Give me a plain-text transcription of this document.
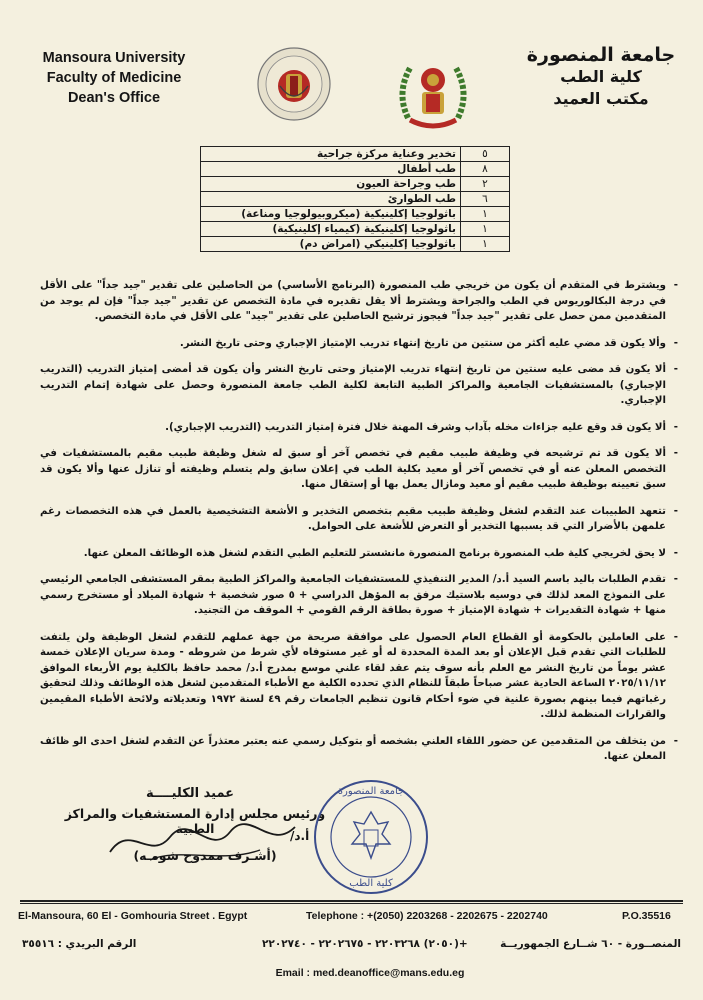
Mansoura University
Faculty of Medicine
Dean's Office
جامعة المنصورة
كلية الطب
مكتب العميد
٥	تخدير وعناية مركزة جراحية
٨	طب أطفال
٢	طب وجراحة العيون
٦	طب الطوارئ
١	باثولوجيا إكلينيكية (ميكروبيولوجيا ومناعة)
١	باثولوجيا إكلينيكية (كيمياء إكلينيكية)
١	باثولوجيا إكلينيكي (امراض دم)

- ويشترط في المتقدم أن يكون من خريجي طب المنصورة (البرنامج الأساسي) من الحاصلين على تقدير "جيد جداً" على الأقل في درجة البكالوريوس في الطب والجراحة ويشترط ألا يقل تقديره في مادة التخصص عن تقدير "جيد جداً" فإن لم يوجد من المتقدمين ممن حصل على تقدير "جيد جداً" فيجوز ترشيح الحاصلين على تقدير "جيد" على الأقل في مادة التخصص.

- وألا يكون قد مضي عليه أكثر من سنتين من تاريخ إنتهاء تدريب الإمتياز الإجباري وحتى تاريخ النشر.

- ألا يكون قد مضى عليه سنتين من تاريخ إنتهاء تدريب الإمتياز وحتى تاريخ النشر وأن يكون قد أمضى إمتياز التدريب (التدريب الإجباري) بالمستشفيات الجامعية والمراكز الطبية التابعة لكلية الطب جامعة المنصورة وحصل على شهادة إتمام التدريب الإجباري.

- ألا يكون قد وقع عليه جزاءات مخله بآداب وشرف المهنة خلال فترة إمتياز التدريب (التدريب الإجباري).

- ألا يكون قد تم ترشيحه في وظيفة طبيب مقيم في تخصص آخر أو سبق له شغل وظيفة طبيب مقيم بالمستشفيات في التخصص المعلن عنه أو في تخصص آخر أو معيد بكلية الطب في إعلان سابق ولم يتسلم وظيفته أو تنازل عنها وألا يكون قد سبق تعيينه بوظيفة طبيب مقيم أو معيد ومازال يعمل بها أو إستقال منها.

- تتعهد الطبيبات عند التقدم لشغل وظيفة طبيب مقيم بتخصص التخدير و الأشعة التشخيصية بالعمل في هذه التخصصات رغم علمهن بالأضرار التي قد يسببها التخدير أو التعرض للأشعة على الحوامل.

- لا يحق لخريجي كلية طب المنصورة برنامج المنصورة مانشستر للتعليم الطبي التقدم لشغل هذه الوظائف المعلن عنها.

- تقدم الطلبات باليد باسم السيد أ.د/ المدير التنفيذي للمستشفيات الجامعية والمراكز الطبية بمقر المستشفى الجامعي الرئيسي على النموذج المعد لذلك في دوسيه بلاستيك مرفق به المؤهل الدراسي + ٥ صور شخصية + شهادة الميلاد أو مستخرج رسمي منها + شهادة التقديرات + شهادة الإمتياز + صورة بطاقة الرقم القومي + الموقف من التجنيد.

- على العاملين بالحكومة أو القطاع العام الحصول على موافقة صريحة من جهة عملهم للتقدم لشغل الوظيفة ولن يلتفت للطلبات التي تقدم قبل الإعلان أو بعد المدة المحددة له أو غير مستوفاه لأي شرط من شروطه - ومدة سريان الإعلان خمسة عشر يوماً من تاريخ النشر مع العلم بأنه سوف يتم عقد لقاء علني موسع بمدرج أ.د/ محمد حافظ بالكلية يوم الأربعاء الموافق ٢٠٢٥/١١/١٢ الساعة الحادية عشر صباحاً طبقاً للنظام الذي تحدده الكلية مع الأطباء المتقدمين لشغل هذه الوظائف وذلك لتحقيق رغباتهم فيما بينهم بصورة علنية في ضوء أحكام قانون تنظيم الجامعات رقم ٤٩ لسنة ١٩٧٢ وتعديلاته ولائحة الأطباء المقيمين والقرارات المنظمة لذلك.

- من يتخلف من المتقدمين عن حضور اللقاء العلني بشخصه أو بتوكيل رسمي عنه يعتبر معتذراً عن التقدم لشغل احدى الو ظائف المعلن عنها.

عميد الكليــــة
ورئيس مجلس إدارة المستشفيات والمراكز الطبية	أ.د/
(أشـرف ممدوح شومـه)
جامعة المنصورة
كلية الطب
El-Mansoura, 60 El - Gomhouria Street . Egypt	Telephone : +(2050) 2203268 - 2202675 - 2202740	P.O.35516
المنصــورة - ٦٠ شــارع الجمهوريــة
+(٢٠٥٠) ٢٢٠٣٢٦٨ - ٢٢٠٢٦٧٥ - ٢٢٠٢٧٤٠
الرقم البريدي : ٣٥٥١٦
Email : med.deanoffice@mans.edu.eg
